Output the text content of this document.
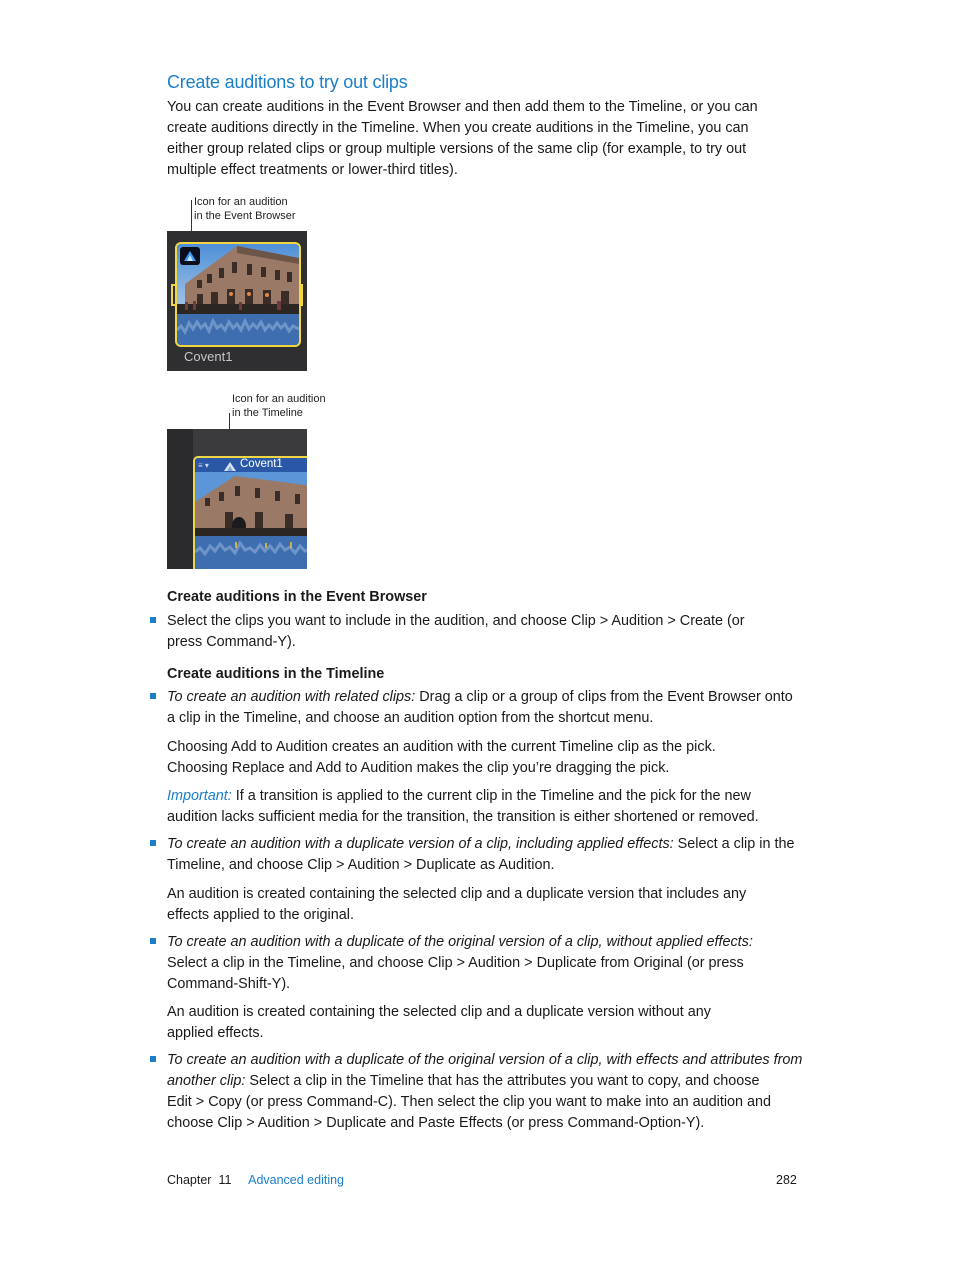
Create auditions to try out clips
You can create auditions in the Event Browser and then add them to the Timeline, or you can
create auditions directly in the Timeline. When you create auditions in the Timeline, you can
either group related clips or group multiple versions of the same clip (for example, to try out
multiple effect treatments or lower-third titles).
Icon for an audition
in the Event Browser
Covent1
Icon for an audition
in the Timeline
≡ ▾	Covent1
Create auditions in the Event Browser
Select the clips you want to include in the audition, and choose Clip > Audition > Create (or
press Command-Y).
Create auditions in the Timeline
To create an audition with related clips: Drag a clip or a group of clips from the Event Browser onto
a clip in the Timeline, and choose an audition option from the shortcut menu.
Choosing Add to Audition creates an audition with the current Timeline clip as the pick.
Choosing Replace and Add to Audition makes the clip you’re dragging the pick.
Important: If a transition is applied to the current clip in the Timeline and the pick for the new
audition lacks sufficient media for the transition, the transition is either shortened or removed.
To create an audition with a duplicate version of a clip, including applied effects: Select a clip in the
Timeline, and choose Clip > Audition > Duplicate as Audition.
An audition is created containing the selected clip and a duplicate version that includes any
effects applied to the original.
To create an audition with a duplicate of the original version of a clip, without applied effects:
Select a clip in the Timeline, and choose Clip > Audition > Duplicate from Original (or press
Command-Shift-Y).
An audition is created containing the selected clip and a duplicate version without any
applied effects.
To create an audition with a duplicate of the original version of a clip, with effects and attributes from
another clip: Select a clip in the Timeline that has the attributes you want to copy, and choose
Edit > Copy (or press Command-C). Then select the clip you want to make into an audition and
choose Clip > Audition > Duplicate and Paste Effects (or press Command-Option-Y).
Chapter 11 Advanced editing	282
